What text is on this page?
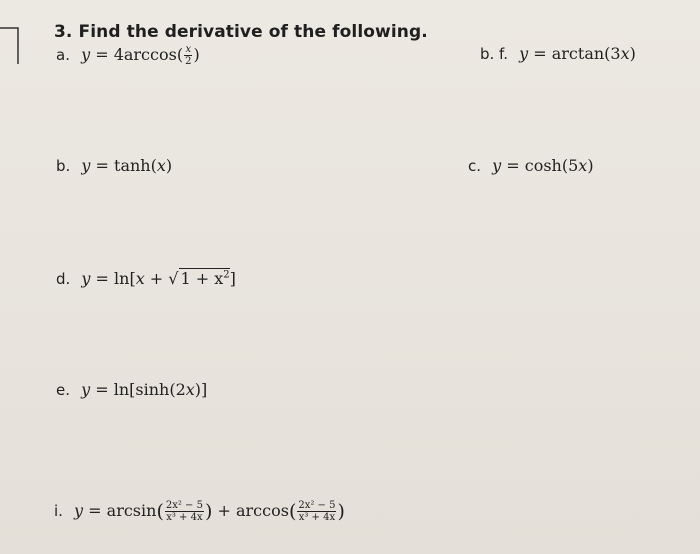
3. Find the derivative of the following.
a. $y = 4\arccos( \frac{x}{2}$ )	b. f. y = arctan(3x)
b. y = tanh(x)	c. y = cosh(5x)
d. y = ln[x + √ $1 + x^2$]
e. y = ln[sinh(2x)]
i. $y = \arcsin( \frac{\text{2x² − 5}}{\text{x³ + 4x}}$ ) + $\arccos( \frac{\text{2x² − 5}}{\text{x³ + 4x}}$ )
